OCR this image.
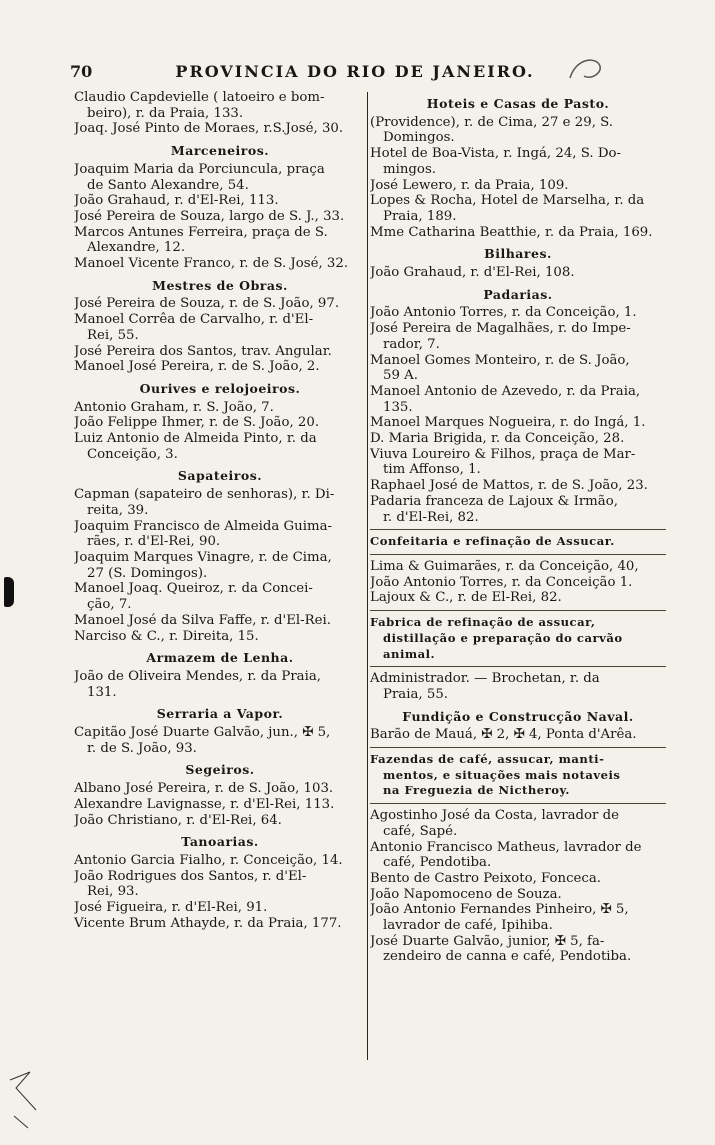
70	PROVINCIA DO RIO DE JANEIRO.
Claudio Capdevielle ( latoeiro e bom-
beiro), r. da Praia, 133.
Joaq. José Pinto de Moraes, r.S.José, 30.
Marceneiros.
Joaquim Maria da Porciuncula, praça
de Santo Alexandre, 54.
João Grahaud, r. d'El-Rei, 113.
José Pereira de Souza, largo de S. J., 33.
Marcos Antunes Ferreira, praça de S.
Alexandre, 12.
Manoel Vicente Franco, r. de S. José, 32.
Mestres de Obras.
José Pereira de Souza, r. de S. João, 97.
Manoel Corrêa de Carvalho, r. d'El-
Rei, 55.
José Pereira dos Santos, trav. Angular.
Manoel José Pereira, r. de S. João, 2.
Ourives e relojoeiros.
Antonio Graham, r. S. João, 7.
João Felippe Ihmer, r. de S. João, 20.
Luiz Antonio de Almeida Pinto, r. da
Conceição, 3.
Sapateiros.
Capman (sapateiro de senhoras), r. Di-
reita, 39.
Joaquim Francisco de Almeida Guima-
rães, r. d'El-Rei, 90.
Joaquim Marques Vinagre, r. de Cima,
27 (S. Domingos).
Manoel Joaq. Queiroz, r. da Concei-
ção, 7.
Manoel José da Silva Faffe, r. d'El-Rei.
Narciso & C., r. Direita, 15.
Armazem de Lenha.
João de Oliveira Mendes, r. da Praia,
131.
Serraria a Vapor.
Capitão José Duarte Galvão, jun., ✠ 5,
r. de S. João, 93.
Segeiros.
Albano José Pereira, r. de S. João, 103.
Alexandre Lavignasse, r. d'El-Rei, 113.
João Christiano, r. d'El-Rei, 64.
Tanoarias.
Antonio Garcia Fialho, r. Conceição, 14.
João Rodrigues dos Santos, r. d'El-
Rei, 93.
José Figueira, r. d'El-Rei, 91.
Vicente Brum Athayde, r. da Praia, 177.
Hoteis e Casas de Pasto.
(Providence), r. de Cima, 27 e 29, S.
Domingos.
Hotel de Boa-Vista, r. Ingá, 24, S. Do-
mingos.
José Lewero, r. da Praia, 109.
Lopes & Rocha, Hotel de Marselha, r. da
Praia, 189.
Mme Catharina Beatthie, r. da Praia, 169.
Bilhares.
João Grahaud, r. d'El-Rei, 108.
Padarias.
João Antonio Torres, r. da Conceição, 1.
José Pereira de Magalhães, r. do Impe-
rador, 7.
Manoel Gomes Monteiro, r. de S. João,
59 A.
Manoel Antonio de Azevedo, r. da Praia,
135.
Manoel Marques Nogueira, r. do Ingá, 1.
D. Maria Brigida, r. da Conceição, 28.
Viuva Loureiro & Filhos, praça de Mar-
tim Affonso, 1.
Raphael José de Mattos, r. de S. João, 23.
Padaria franceza de Lajoux & Irmão,
r. d'El-Rei, 82.
Confeitaria e refinação de Assucar.
Lima & Guimarães, r. da Conceição, 40,
João Antonio Torres, r. da Conceição 1.
Lajoux & C., r. de El-Rei, 82.
Fabrica de refinação de assucar,
distillação e preparação do carvão
animal.
Administrador. — Brochetan, r. da
Praia, 55.
Fundição e Construcção Naval.
Barão de Mauá, ✠ 2, ✠ 4, Ponta d'Arêa.
Fazendas de café, assucar, manti-
mentos, e situações mais notaveis
na Freguezia de Nictheroy.
Agostinho José da Costa, lavrador de
café, Sapé.
Antonio Francisco Matheus, lavrador de
café, Pendotiba.
Bento de Castro Peixoto, Fonceca.
João Napomoceno de Souza.
João Antonio Fernandes Pinheiro, ✠ 5,
lavrador de café, Ipihiba.
José Duarte Galvão, junior, ✠ 5, fa-
zendeiro de canna e café, Pendotiba.
